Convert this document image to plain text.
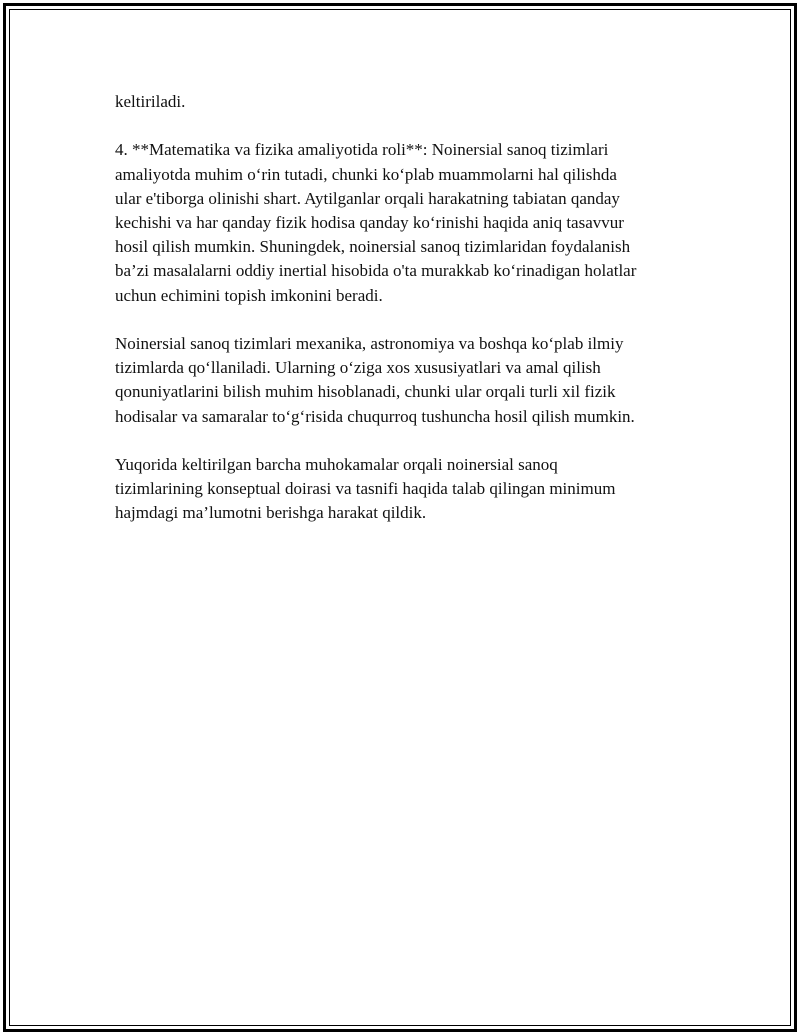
keltiriladi.

4. **Matematika va fizika amaliyotida roli**: Noinersial sanoq tizimlari
amaliyotda muhim o‘rin tutadi, chunki ko‘plab muammolarni hal qilishda
ular e'tiborga olinishi shart. Aytilganlar orqali harakatning tabiatan qanday
kechishi va har qanday fizik hodisa qanday ko‘rinishi haqida aniq tasavvur
hosil qilish mumkin. Shuningdek, noinersial sanoq tizimlaridan foydalanish
ba’zi masalalarni oddiy inertial hisobida o'ta murakkab ko‘rinadigan holatlar
uchun echimini topish imkonini beradi.

Noinersial sanoq tizimlari mexanika, astronomiya va boshqa ko‘plab ilmiy
tizimlarda qo‘llaniladi. Ularning o‘ziga xos xususiyatlari va amal qilish
qonuniyatlarini bilish muhim hisoblanadi, chunki ular orqali turli xil fizik
hodisalar va samaralar to‘g‘risida chuqurroq tushuncha hosil qilish mumkin.

Yuqorida keltirilgan barcha muhokamalar orqali noinersial sanoq
tizimlarining konseptual doirasi va tasnifi haqida talab qilingan minimum
hajmdagi ma’lumotni berishga harakat qildik.
